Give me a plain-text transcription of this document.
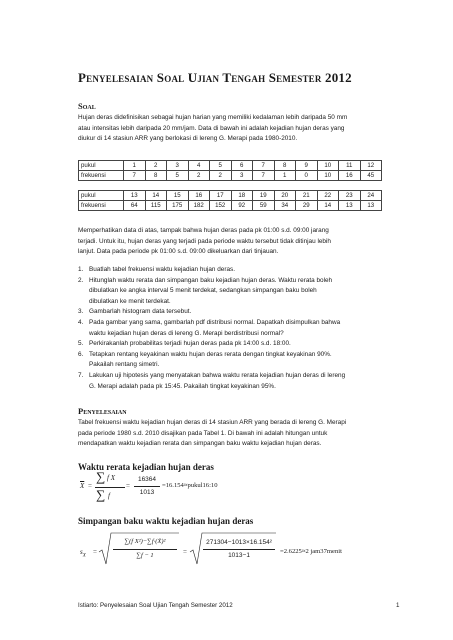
Penyelesaian Soal Ujian Tengah Semester 2012
Soal

Hujan deras didefinisikan sebagai hujan harian yang memiliki kedalaman lebih daripada 50 mm
atau intensitas lebih daripada 20 mm/jam. Data di bawah ini adalah kejadian hujan deras yang
diukur di 14 stasiun ARR yang berlokasi di lereng G. Merapi pada 1980-2010.

pukul	1	2	3	4	5	6	7	8	9	10	11	12
frekuensi	7	8	5	2	2	3	7	1	0	10	16	45
pukul	13	14	15	16	17	18	19	20	21	22	23	24
frekuensi	64	115	175	182	152	92	59	34	29	14	13	13

Memperhatikan data di atas, tampak bahwa hujan deras pada pk 01:00 s.d. 09:00 jarang
terjadi. Untuk itu, hujan deras yang terjadi pada periode waktu tersebut tidak ditinjau lebih
lanjut. Data pada periode pk 01:00 s.d. 09:00 dikeluarkan dari tinjauan.

1. Buatlah tabel frekuensi waktu kejadian hujan deras.
2. Hitunglah waktu rerata dan simpangan baku kejadian hujan deras. Waktu rerata boleh
dibulatkan ke angka interval 5 menit terdekat, sedangkan simpangan baku boleh
dibulatkan ke menit terdekat.
3. Gambarlah histogram data tersebut.
4. Pada gambar yang sama, gambarlah pdf distribusi normal. Dapatkah disimpulkan bahwa
waktu kejadian hujan deras di lereng G. Merapi berdistribusi normal?
5. Perkirakanlah probabilitas terjadi hujan deras pada pk 14:00 s.d. 18:00.
6. Tetapkan rentang keyakinan waktu hujan deras rerata dengan tingkat keyakinan 90%.
Pakailah rentang simetri.
7. Lakukan uji hipotesis yang menyatakan bahwa waktu rerata kejadian hujan deras di lereng
G. Merapi adalah pada pk 15:45. Pakailah tingkat keyakinan 95%.
Penyelesaian

Tabel frekuensi waktu kejadian hujan deras di 14 stasiun ARR yang berada di lereng G. Merapi
pada periode 1980 s.d. 2010 disajikan pada Tabel 1. Di bawah ini adalah hitungan untuk
mendapatkan waktu kejadian rerata dan simpangan baku waktu kejadian hujan deras.

Waktu rerata kejadian hujan deras
$\overline{X}$ =
∑ f X
∑ f
=
16364
1013
=16.154≈pukul16:10
Simpangan baku waktu kejadian hujan deras
$s_X$ =
∑(f X²)−∑f·(X̄)²
∑f − 1	=
271304−1013×16.154²
1013−1
=2.6225≈2 jam37menit
Istiarto: Penyelesaian Soal Ujian Tengah Semester 2012	1
